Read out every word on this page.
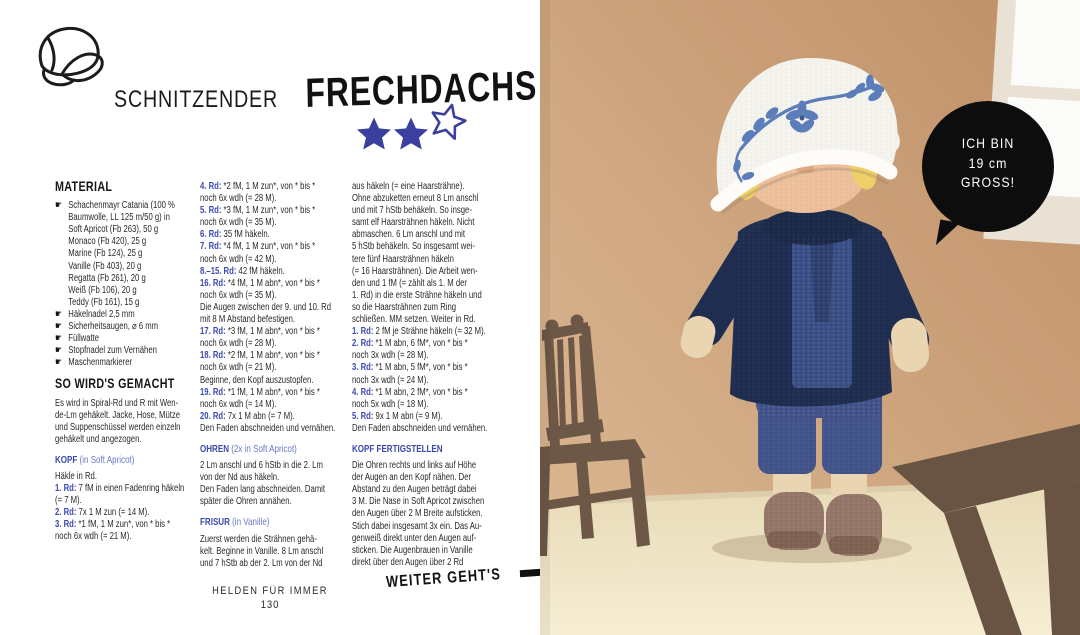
SCHNITZENDER FRECHDACHS
MATERIAL
☛ Schachenmayr Catania (100 %
Baumwolle, LL 125 m/50 g) in
Soft Apricot (Fb 263), 50 g
Monaco (Fb 420), 25 g
Marine (Fb 124), 25 g
Vanille (Fb 403), 20 g
Regatta (Fb 261), 20 g
Weiß (Fb 106), 20 g
Teddy (Fb 161), 15 g
☛ Häkelnadel 2,5 mm
☛ Sicherheitsaugen, ⌀ 6 mm
☛ Füllwatte
☛ Stopfnadel zum Vernähen
☛ Maschenmarkierer
SO WIRD'S GEMACHT
Es wird in Spiral-Rd und R mit Wen-
de-Lm gehäkelt. Jacke, Hose, Mütze
und Suppenschüssel werden einzeln
gehäkelt und angezogen.
KOPF (in Soft Apricot)
Häkle in Rd.
1. Rd: 7 fM in einen Fadenring häkeln
(= 7 M).
2. Rd: 7x 1 M zun (= 14 M).
3. Rd: *1 fM, 1 M zun*, von * bis *
noch 6x wdh (= 21 M).
4. Rd: *2 fM, 1 M zun*, von * bis *
noch 6x wdh (= 28 M).
5. Rd: *3 fM, 1 M zun*, von * bis *
noch 6x wdh (= 35 M).
6. Rd: 35 fM häkeln.
7. Rd: *4 fM, 1 M zun*, von * bis *
noch 6x wdh (= 42 M).
8.–15. Rd: 42 fM häkeln.
16. Rd: *4 fM, 1 M abn*, von * bis *
noch 6x wdh (= 35 M).
Die Augen zwischen der 9. und 10. Rd
mit 8 M Abstand befestigen.
17. Rd: *3 fM, 1 M abn*, von * bis *
noch 6x wdh (= 28 M).
18. Rd: *2 fM, 1 M abn*, von * bis *
noch 6x wdh (= 21 M).
Beginne, den Kopf auszustopfen.
19. Rd: *1 fM, 1 M abn*, von * bis *
noch 6x wdh (= 14 M).
20. Rd: 7x 1 M abn (= 7 M).
Den Faden abschneiden und vernähen.
OHREN (2x in Soft Apricot)
2 Lm anschl und 6 hStb in die 2. Lm
von der Nd aus häkeln.
Den Faden lang abschneiden. Damit
später die Ohren annähen.
FRISUR (in Vanille)
Zuerst werden die Strähnen gehä-
kelt. Beginne in Vanille. 8 Lm anschl
und 7 hStb ab der 2. Lm von der Nd
aus häkeln (= eine Haarsträhne).
Ohne abzuketten erneut 8 Lm anschl
und mit 7 hStb behäkeln. So insge-
samt elf Haarsträhnen häkeln. Nicht
abmaschen. 6 Lm anschl und mit
5 hStb behäkeln. So insgesamt wei-
tere fünf Haarsträhnen häkeln
(= 16 Haarsträhnen). Die Arbeit wen-
den und 1 fM (= zählt als 1. M der
1. Rd) in die erste Strähne häkeln und
so die Haarsträhnen zum Ring
schließen. MM setzen. Weiter in Rd.
1. Rd: 2 fM je Strähne häkeln (= 32 M).
2. Rd: *1 M abn, 6 fM*, von * bis *
noch 3x wdh (= 28 M).
3. Rd: *1 M abn, 5 fM*, von * bis *
noch 3x wdh (= 24 M).
4. Rd: *1 M abn, 2 fM*, von * bis *
noch 5x wdh (= 18 M).
5. Rd: 9x 1 M abn (= 9 M).
Den Faden abschneiden und vernähen.
KOPF FERTIGSTELLEN
Die Ohren rechts und links auf Höhe
der Augen an den Kopf nähen. Der
Abstand zu den Augen beträgt dabei
3 M. Die Nase in Soft Apricot zwischen
den Augen über 2 M Breite aufsticken.
Stich dabei insgesamt 3x ein. Das Au-
genweiß direkt unter den Augen auf-
sticken. Die Augenbrauen in Vanille
direkt über den Augen über 2 Rd
HELDEN FÜR IMMER
130
WEITER GEHT'S
ICH BIN
19 cm
GROSS!
